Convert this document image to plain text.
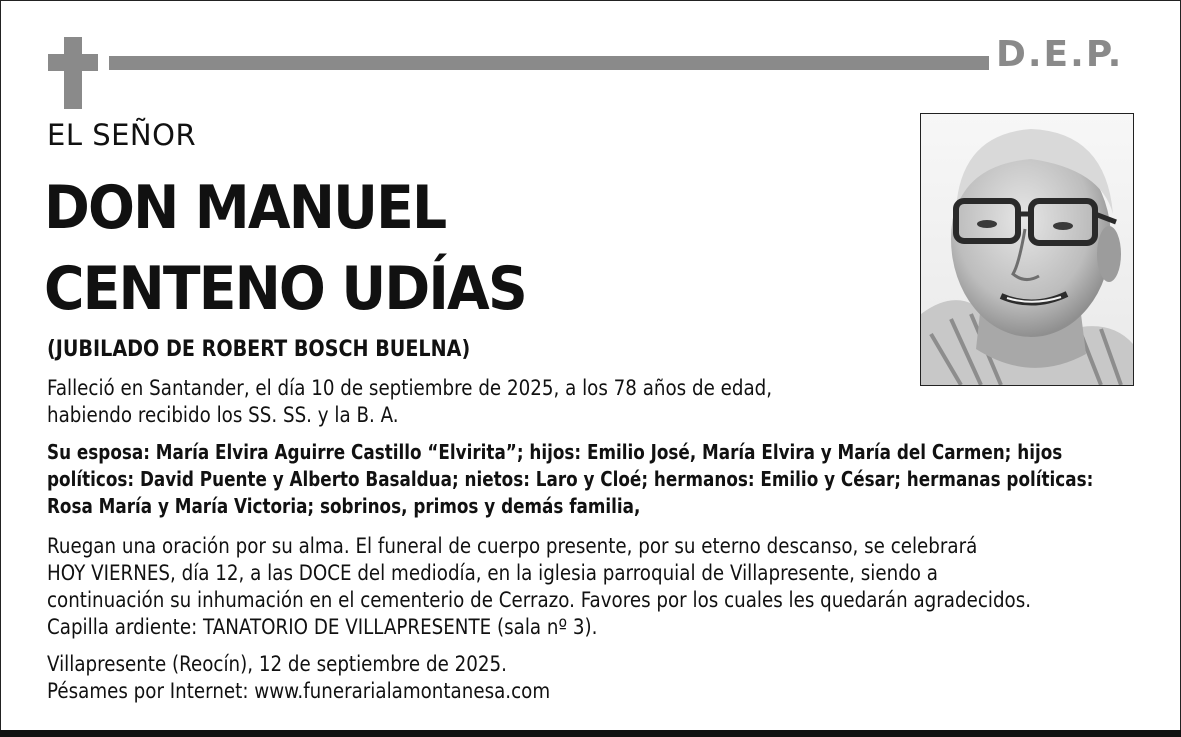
D.E.P.
EL SEÑOR
DON MANUEL
CENTENO UDÍAS
(JUBILADO DE ROBERT BOSCH BUELNA)
Falleció en Santander, el día 10 de septiembre de 2025, a los 78 años de edad,
habiendo recibido los SS. SS. y la B. A.
Su esposa: María Elvira Aguirre Castillo “Elvirita”; hijos: Emilio José, María Elvira y María del Carmen; hijos
políticos: David Puente y Alberto Basaldua; nietos: Laro y Cloé; hermanos: Emilio y César; hermanas políticas:
Rosa María y María Victoria; sobrinos, primos y demás familia,
Ruegan una oración por su alma. El funeral de cuerpo presente, por su eterno descanso, se celebrará
HOY VIERNES, día 12, a las DOCE del mediodía, en la iglesia parroquial de Villapresente, siendo a
continuación su inhumación en el cementerio de Cerrazo. Favores por los cuales les quedarán agradecidos.
Capilla ardiente: TANATORIO DE VILLAPRESENTE (sala nº 3).
Villapresente (Reocín), 12 de septiembre de 2025.
Pésames por Internet: www.funerarialamontanesa.com
